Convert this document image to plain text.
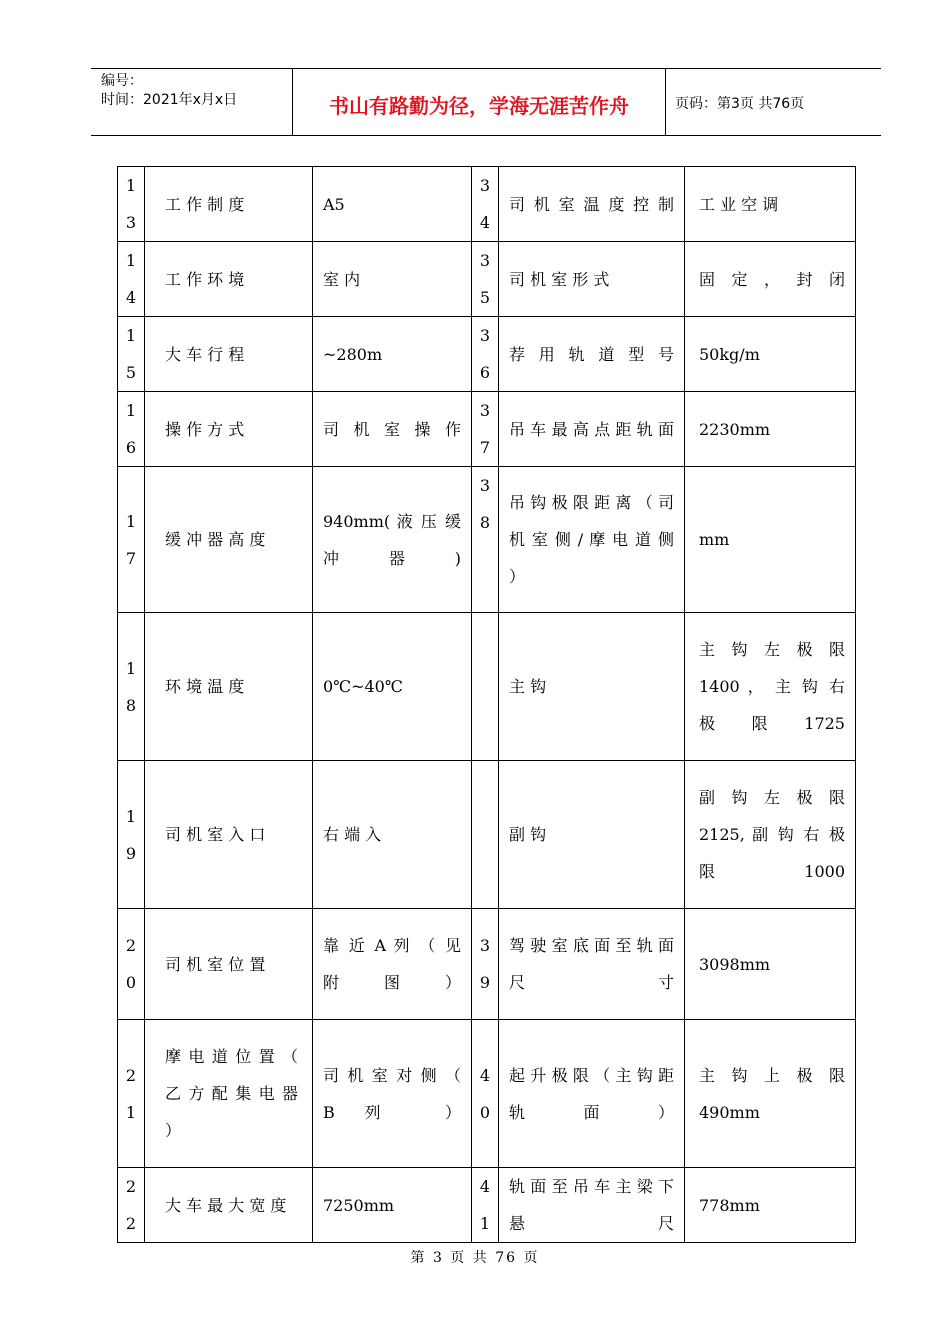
编号：
时间：2021年x月x日	书山有路勤为径，学海无涯苦作舟	页码：第3页 共76页
13	工 作 制 度	A5	34	司 机 室 温 度 控 制	工 业 空 调
14	工 作 环 境	室 内	35	司 机 室 形 式	固 定 ， 封 闭
15	大 车 行 程	~280m	36	荐 用 轨 道 型 号	50kg/m
16	操 作 方 式	司 机 室 操 作	37	吊 车 最 高 点 距 轨 面	2230mm
17	缓 冲 器 高 度	940mm( 液 压 缓 冲 器 )	38	吊 钩 极 限 距 离 （ 司 机 室 侧 / 摩 电 道 侧 ）	mm
18	环 境 温 度	0℃~40℃		主 钩	主 钩 左 极 限 1400 ， 主 钩 右 极 限 1725
19	司 机 室 入 口	右 端 入		副 钩	副 钩 左 极 限 2125, 副 钩 右 极 限 1000
20	司 机 室 位 置	靠 近 A 列 （ 见 附 图 ）	39	驾 驶 室 底 面 至 轨 面 尺 寸	3098mm
21	摩 电 道 位 置 （ 乙 方 配 集 电 器 ）	司 机 室 对 侧 （ B列 ）	40	起 升 极 限 （ 主 钩 距 轨 面 ）	主 钩 上 极 限 490mm
22	大 车 最 大 宽 度	7250mm	41	轨 面 至 吊 车 主 梁 下 悬 尺	778mm
第 3 页 共 76 页
